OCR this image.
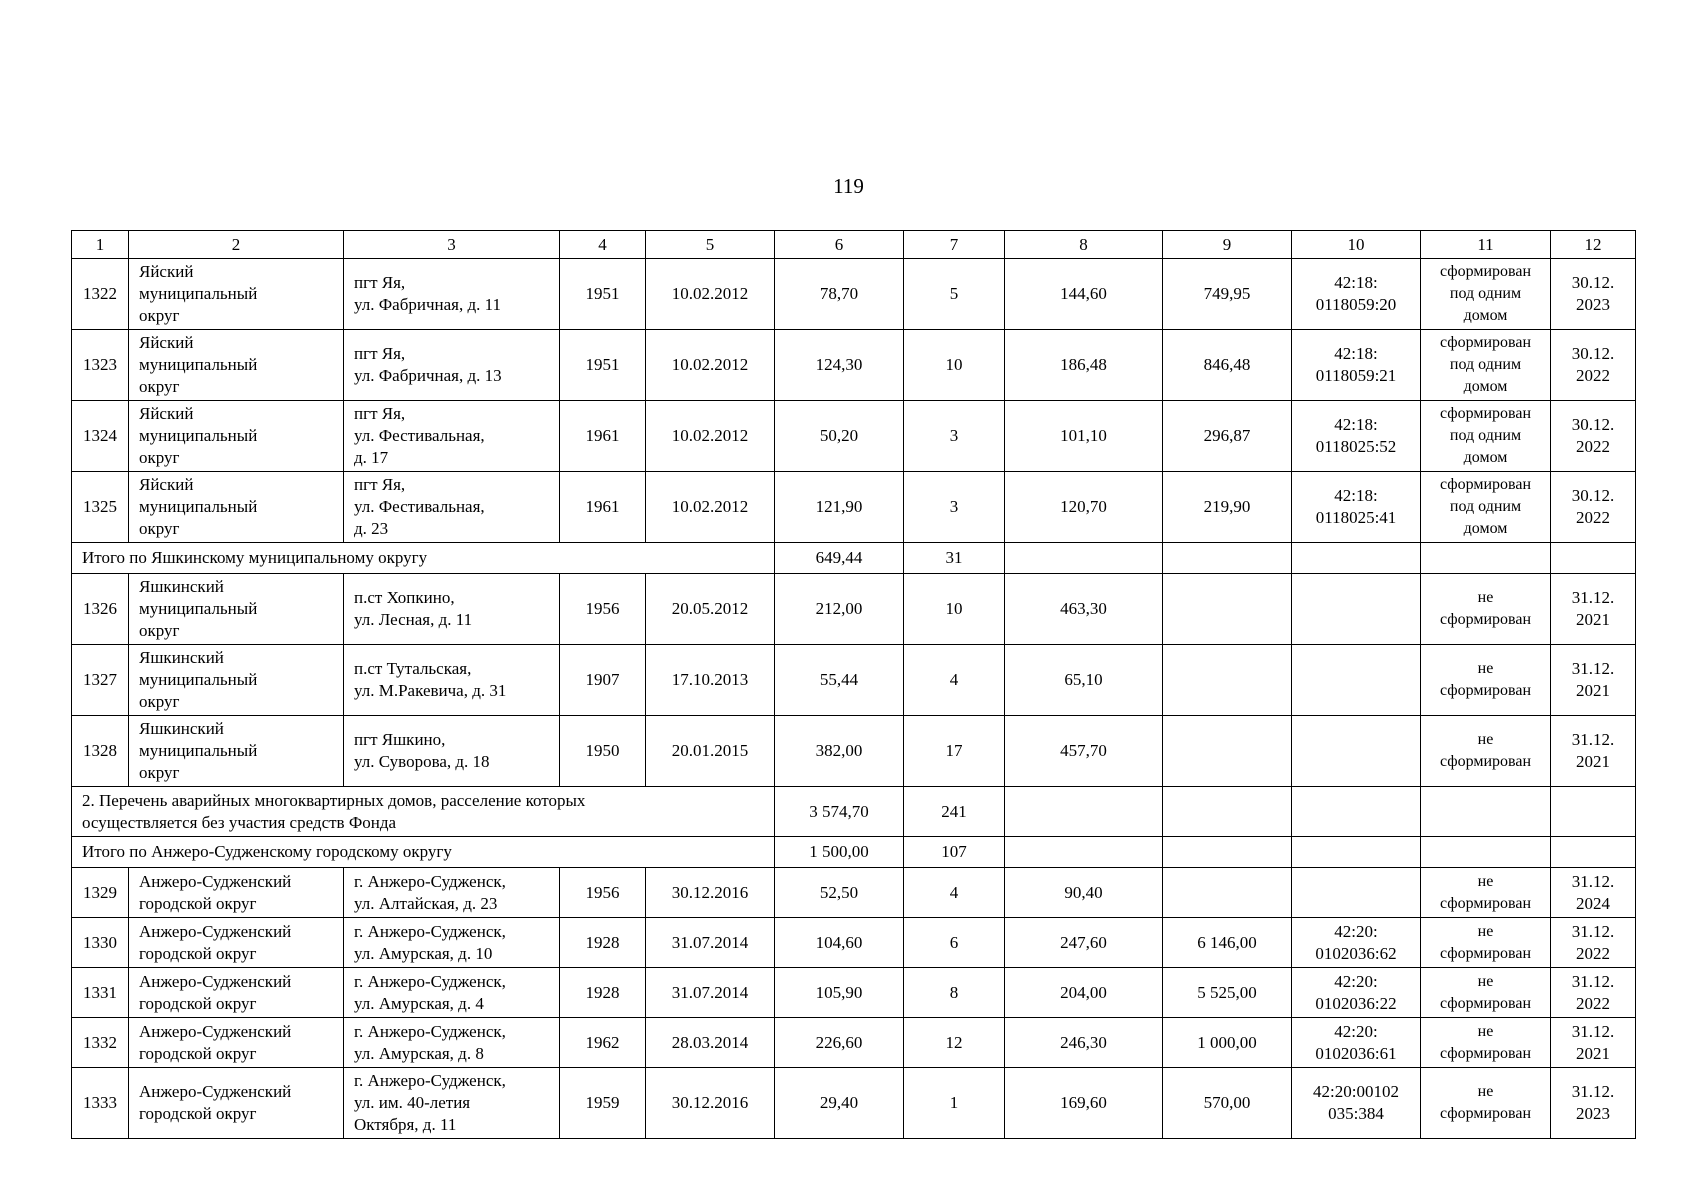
119
1	2	3	4	5	6	7	8	9	10	11	12
1322	Яйский
муниципальный
округ	пгт Яя,
ул. Фабричная, д. 11	1951	10.02.2012	78,70	5	144,60	749,95	42:18:
0118059:20	сформирован
под одним
домом	30.12.
2023

1323	Яйский
муниципальный
округ	пгт Яя,
ул. Фабричная, д. 13	1951	10.02.2012	124,30	10	186,48	846,48	42:18:
0118059:21	сформирован
под одним
домом	30.12.
2022

1324	Яйский
муниципальный
округ	пгт Яя,
ул. Фестивальная,
д. 17	1961	10.02.2012	50,20	3	101,10	296,87	42:18:
0118025:52	сформирован
под одним
домом	30.12.
2022

1325	Яйский
муниципальный
округ	пгт Яя,
ул. Фестивальная,
д. 23	1961	10.02.2012	121,90	3	120,70	219,90	42:18:
0118025:41	сформирован
под одним
домом	30.12.
2022

Итого по Яшкинскому муниципальному округу					649,44	31					
1326	Яшкинский
муниципальный
округ	п.ст Хопкино,
ул. Лесная, д. 11	1956	20.05.2012	212,00	10	463,30			не
сформирован	31.12.
2021

1327	Яшкинский
муниципальный
округ	п.ст Тутальская,
ул. М.Ракевича, д. 31	1907	17.10.2013	55,44	4	65,10			не
сформирован	31.12.
2021

1328	Яшкинский
муниципальный
округ	пгт Яшкино,
ул. Суворова, д. 18	1950	20.01.2015	382,00	17	457,70			не
сформирован	31.12.
2021

2. Перечень аварийных многоквартирных домов, расселение которых
осуществляется без участия средств Фонда					3 574,70	241					
Итого по Анжеро-Судженскому городскому округу					1 500,00	107					
1329	Анжеро-Судженский
городской округ	г. Анжеро-Судженск,
ул. Алтайская, д. 23	1956	30.12.2016	52,50	4	90,40			не
сформирован	31.12.
2024

1330	Анжеро-Судженский
городской округ	г. Анжеро-Судженск,
ул. Амурская, д. 10	1928	31.07.2014	104,60	6	247,60	6 146,00	42:20:
0102036:62	не
сформирован	31.12.
2022

1331	Анжеро-Судженский
городской округ	г. Анжеро-Судженск,
ул. Амурская, д. 4	1928	31.07.2014	105,90	8	204,00	5 525,00	42:20:
0102036:22	не
сформирован	31.12.
2022

1332	Анжеро-Судженский
городской округ	г. Анжеро-Судженск,
ул. Амурская, д. 8	1962	28.03.2014	226,60	12	246,30	1 000,00	42:20:
0102036:61	не
сформирован	31.12.
2021

1333	Анжеро-Судженский
городской округ	г. Анжеро-Судженск,
ул. им. 40-летия
Октября, д. 11	1959	30.12.2016	29,40	1	169,60	570,00	42:20:00102
035:384	не
сформирован	31.12.
2023
